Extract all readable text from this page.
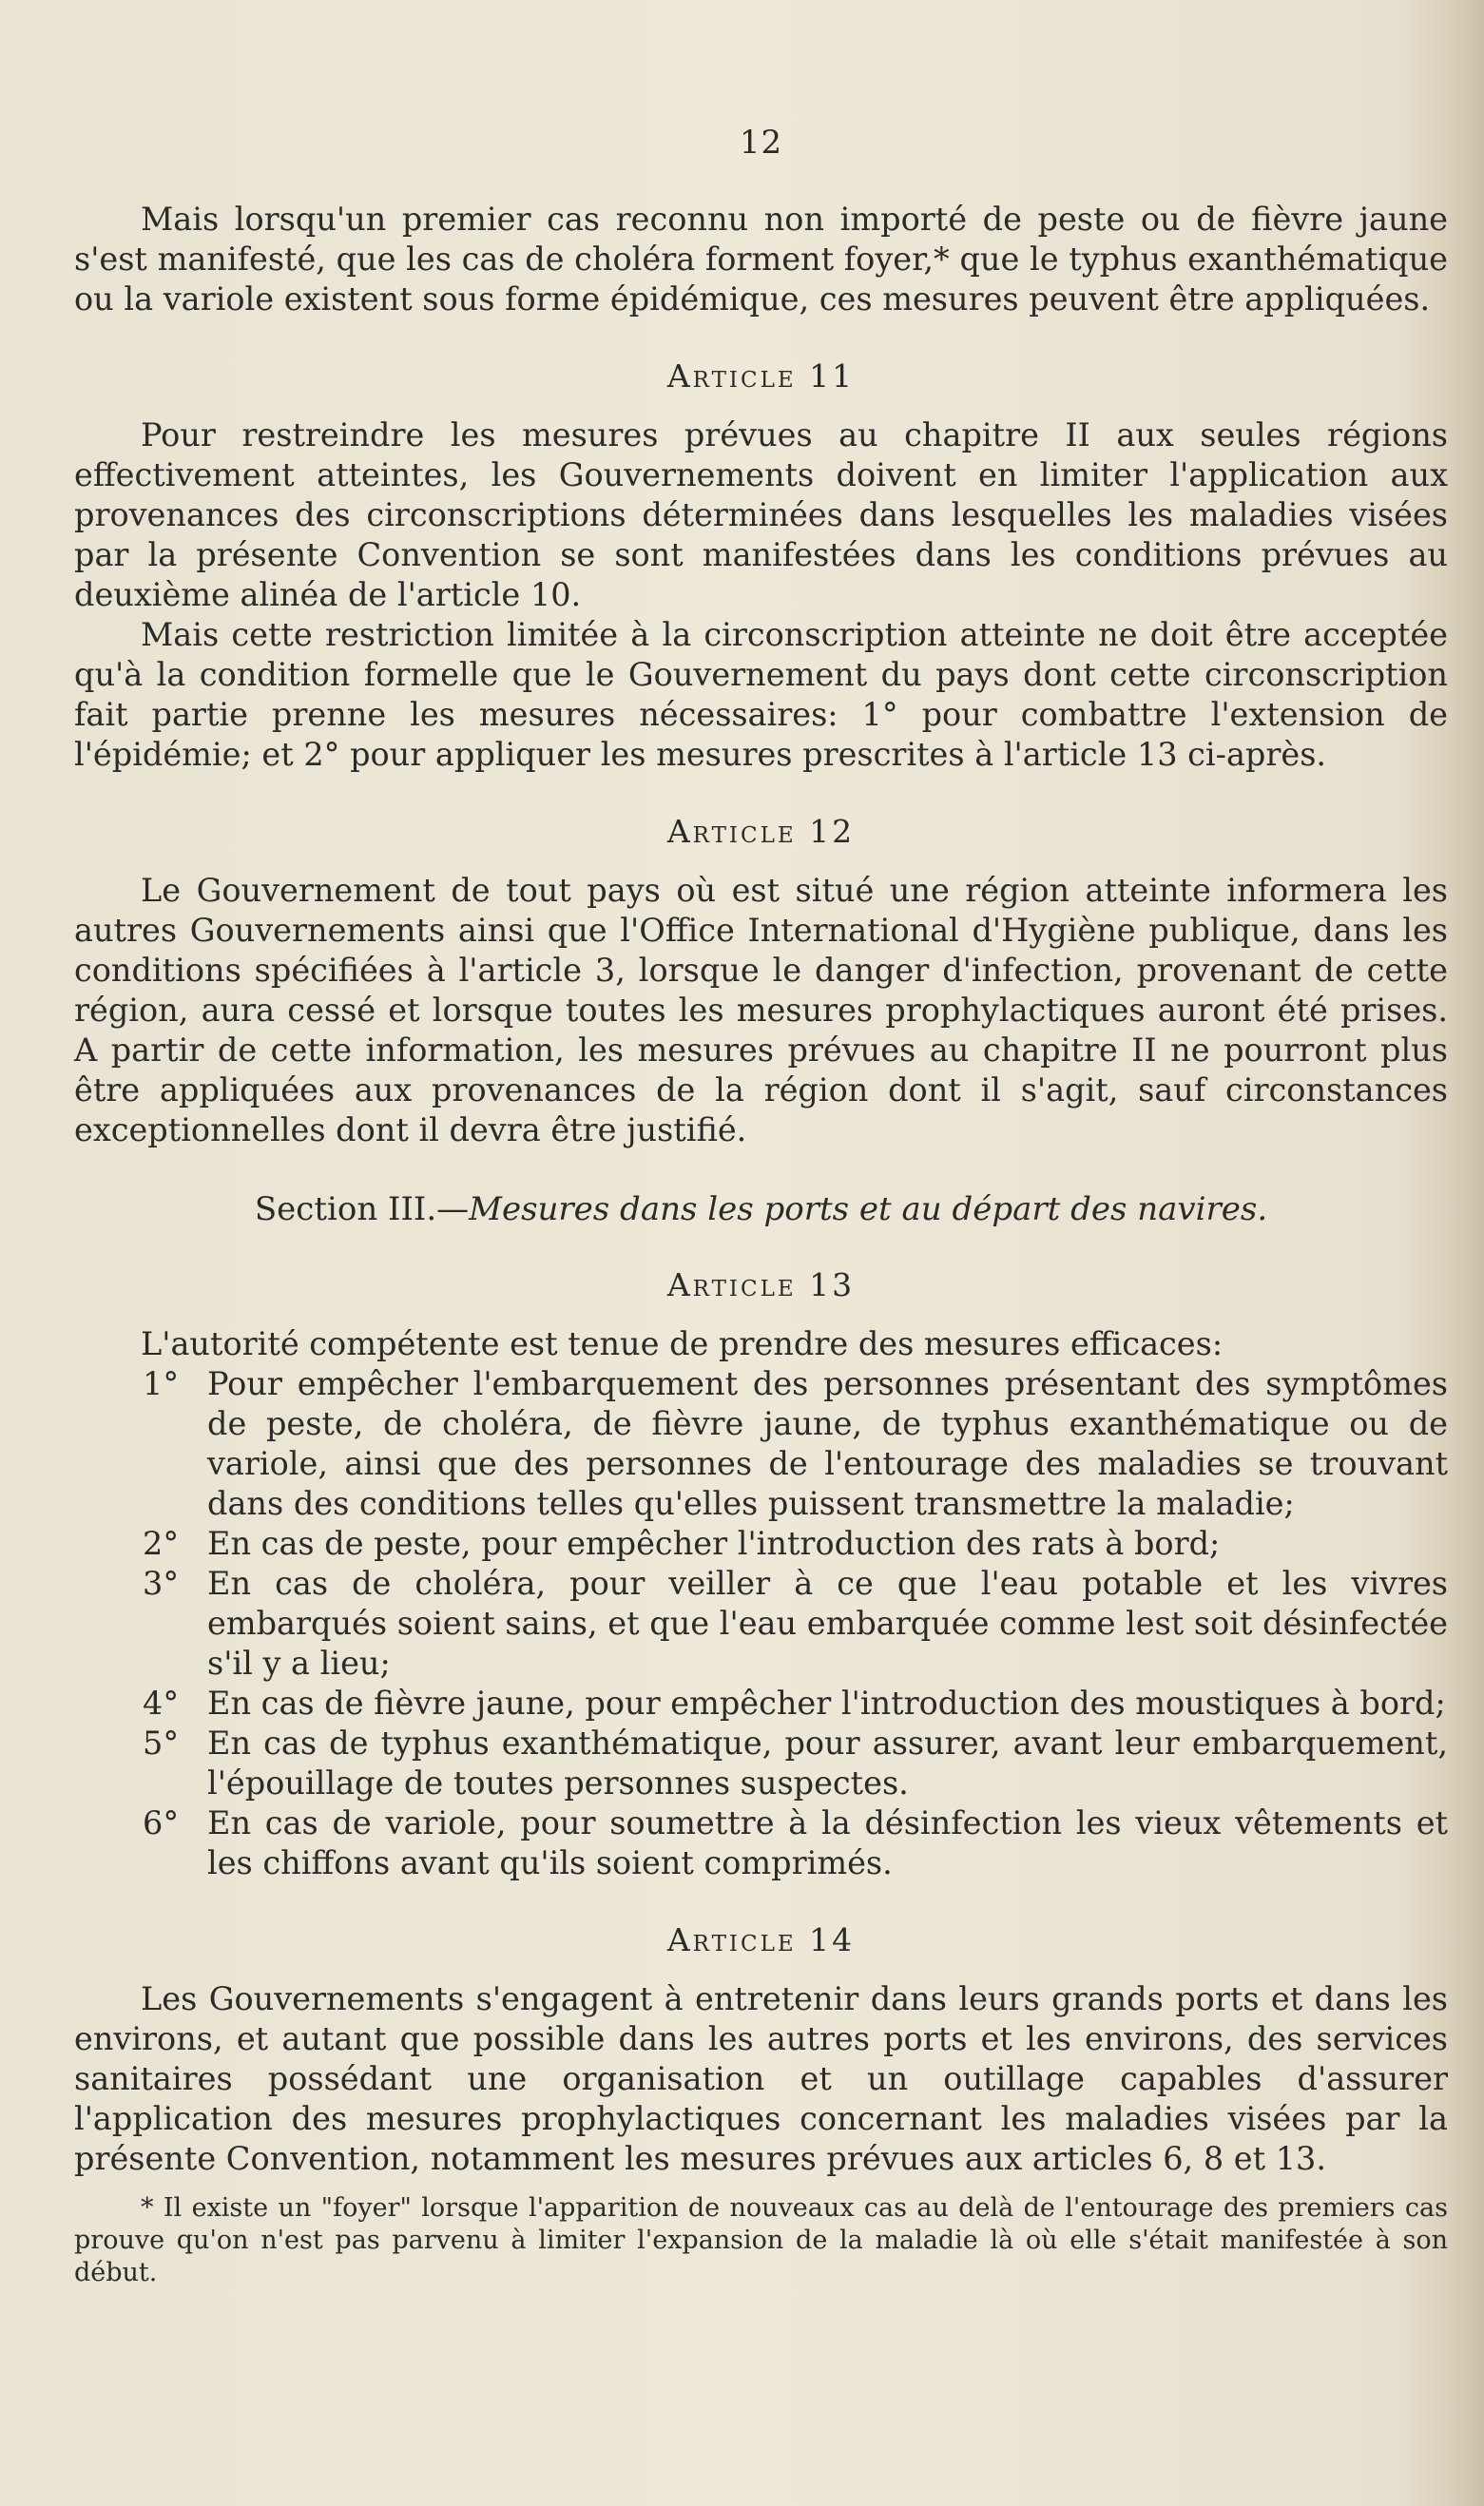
12

Mais lorsqu'un premier cas reconnu non importé de peste ou de fièvre jaune s'est manifesté, que les cas de choléra forment foyer,* que le typhus exanthématique ou la variole existent sous forme épidémique, ces mesures peuvent être appliquées.

Article 11

Pour restreindre les mesures prévues au chapitre II aux seules régions effectivement atteintes, les Gouvernements doivent en limiter l'application aux provenances des circonscriptions déterminées dans lesquelles les maladies visées par la présente Convention se sont manifestées dans les conditions prévues au deuxième alinéa de l'article 10.

Mais cette restriction limitée à la circonscription atteinte ne doit être acceptée qu'à la condition formelle que le Gouvernement du pays dont cette circonscription fait partie prenne les mesures nécessaires: 1° pour combattre l'extension de l'épidémie; et 2° pour appliquer les mesures prescrites à l'article 13 ci-après.

Article 12

Le Gouvernement de tout pays où est situé une région atteinte informera les autres Gouvernements ainsi que l'Office International d'Hygiène publique, dans les conditions spécifiées à l'article 3, lorsque le danger d'infection, provenant de cette région, aura cessé et lorsque toutes les mesures prophylactiques auront été prises. A partir de cette information, les mesures prévues au chapitre II ne pourront plus être appliquées aux provenances de la région dont il s'agit, sauf circonstances exceptionnelles dont il devra être justifié.

Section III.—Mesures dans les ports et au départ des navires.
Article 13

L'autorité compétente est tenue de prendre des mesures efficaces:

1° Pour empêcher l'embarquement des personnes présentant des symptômes de peste, de choléra, de fièvre jaune, de typhus exanthématique ou de variole, ainsi que des personnes de l'entourage des maladies se trouvant dans des conditions telles qu'elles puissent transmettre la maladie;
2° En cas de peste, pour empêcher l'introduction des rats à bord;
3° En cas de choléra, pour veiller à ce que l'eau potable et les vivres embarqués soient sains, et que l'eau embarquée comme lest soit désinfectée s'il y a lieu;
4° En cas de fièvre jaune, pour empêcher l'introduction des moustiques à bord;
5° En cas de typhus exanthématique, pour assurer, avant leur embarquement, l'épouillage de toutes personnes suspectes.
6° En cas de variole, pour soumettre à la désinfection les vieux vêtements et les chiffons avant qu'ils soient comprimés.
Article 14

Les Gouvernements s'engagent à entretenir dans leurs grands ports et dans les environs, et autant que possible dans les autres ports et les environs, des services sanitaires possédant une organisation et un outillage capables d'assurer l'application des mesures prophylactiques concernant les maladies visées par la présente Convention, notamment les mesures prévues aux articles 6, 8 et 13.

* Il existe un "foyer" lorsque l'apparition de nouveaux cas au delà de l'entourage des premiers cas prouve qu'on n'est pas parvenu à limiter l'expansion de la maladie là où elle s'était manifestée à son début.
